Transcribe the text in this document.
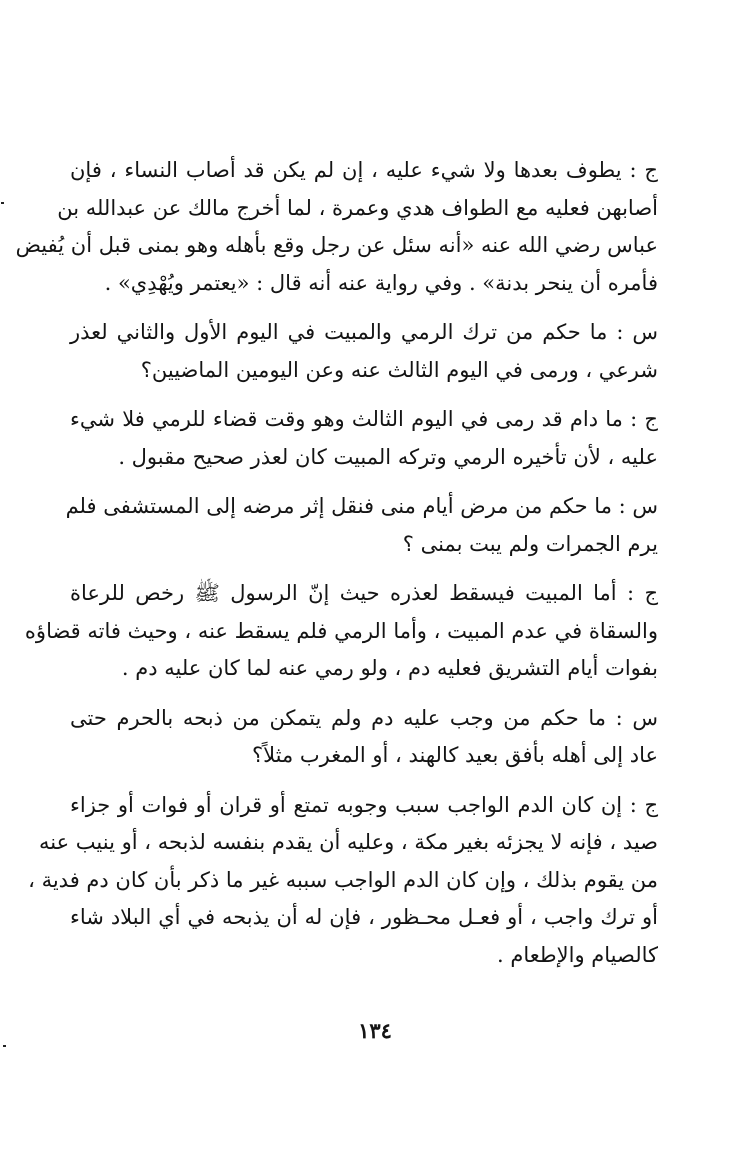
ج : يطوف بعدها ولا شيء عليه ، إن لم يكن قد أصاب النساء ، فإن
أصابهن فعليه مع الطواف هدي وعمرة ، لما أخرج مالك عن عبدالله بن
عباس رضي الله عنه «أنه سئل عن رجل وقع بأهله وهو بمنى قبل أن يُفيض
فأمره أن ينحر بدنة» . وفي رواية عنه أنه قال : «يعتمر ويُهْدِي» .
س : ما حكم من ترك الرمي والمبيت في اليوم الأول والثاني لعذر
شرعي ، ورمى في اليوم الثالث عنه وعن اليومين الماضيين؟
ج : ما دام قد رمى في اليوم الثالث وهو وقت قضاء للرمي فلا شيء
عليه ، لأن تأخيره الرمي وتركه المبيت كان لعذر صحيح مقبول .
س : ما حكم من مرض أيام منى فنقل إثر مرضه إلى المستشفى فلم
يرم الجمرات ولم يبت بمنى ؟
ج : أما المبيت فيسقط لعذره حيث إنّ الرسول ﷺ رخص للرعاة
والسقاة في عدم المبيت ، وأما الرمي فلم يسقط عنه ، وحيث فاته قضاؤه
بفوات أيام التشريق فعليه دم ، ولو رمي عنه لما كان عليه دم .
س : ما حكم من وجب عليه دم ولم يتمكن من ذبحه بالحرم حتى
عاد إلى أهله بأفق بعيد كالهند ، أو المغرب مثلاً؟
ج : إن كان الدم الواجب سبب وجوبه تمتع أو قران أو فوات أو جزاء
صيد ، فإنه لا يجزئه بغير مكة ، وعليه أن يقدم بنفسه لذبحه ، أو ينيب عنه
من يقوم بذلك ، وإن كان الدم الواجب سببه غير ما ذكر بأن كان دم فدية ،
أو ترك واجب ، أو فعـل محـظور ، فإن له أن يذبحه في أي البلاد شاء
كالصيام والإطعام .
١٣٤
